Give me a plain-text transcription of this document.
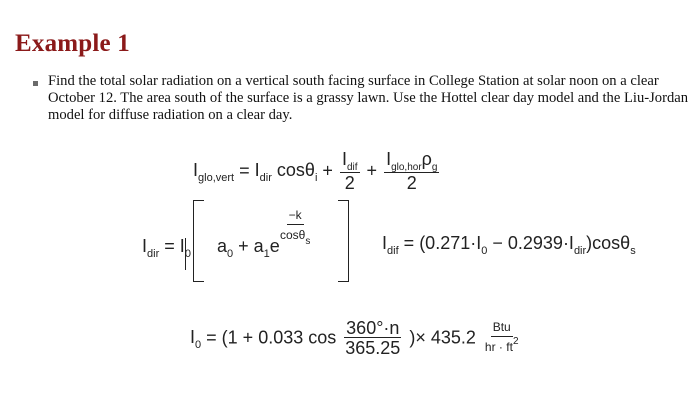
Example 1
Find the total solar radiation on a vertical south facing surface in College Station at solar noon on a clear October 12. The area south of the surface is a grassy lawn. Use the Hottel clear day model and the Liu-Jordan model for diffuse radiation on a clear day.
$I_{glo,vert} = I_{dir}$ $\cos\theta_i + \frac{I_{dif}}{2} + \frac{I_{glo,hor}\rho_g}{2}$
$I_{dir} = I_0$ $a_0 + a_1e$
$\frac{-k}{\cos\theta_s}$	$I_{dif} = (0.271\cdot I_0 - 0.2939\cdot I_{dir})\cos\theta_s$
$I_0 = (1 + 0.033$ $\cos \frac{360^\circ\cdot n}{365.25}$ )× $435.2 \frac{\text{Btu}}{hr \cdot ft^2}$
